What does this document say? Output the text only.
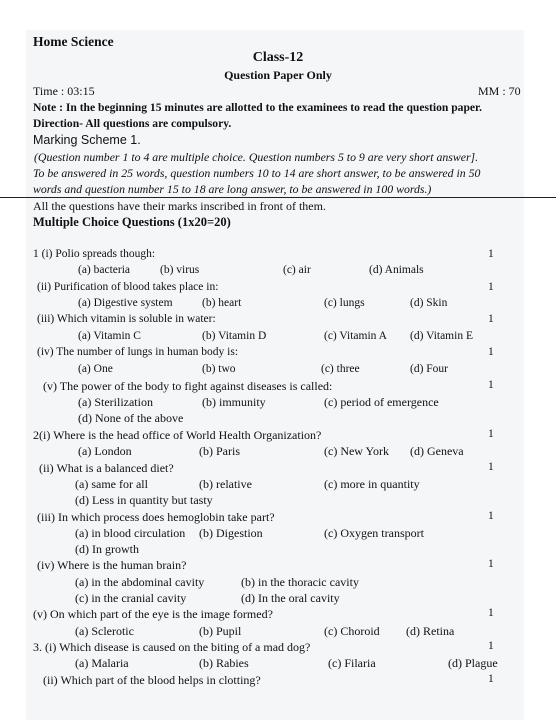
Home Science
Class-12
Question Paper Only
Time : 03:15	MM : 70
Note : In the beginning 15 minutes are allotted to the examinees to read the question paper.
Direction- All questions are compulsory.
Marking Scheme 1.
(Question number 1 to 4 are multiple choice. Question numbers 5 to 9 are very short answer].
To be answered in 25 words, question numbers 10 to 14 are short answer, to be answered in 50
words and question number 15 to 18 are long answer, to be answered in 100 words.)
All the questions have their marks inscribed in front of them.
Multiple Choice Questions (1x20=20)
1 (i) Polio spreads though:	1
(a) bacteria	(b) virus	(c) air	(d) Animals
(ii) Purification of blood takes place in:	1
(a) Digestive system	(b) heart	(c) lungs	(d) Skin
(iii) Which vitamin is soluble in water:	1
(a) Vitamin C	(b) Vitamin D	(c) Vitamin A (d) Vitamin E
(iv) The number of lungs in human body is:	1
(a) One	(b) two	(c) three	(d) Four
(v) The power of the body to fight against diseases is called:	1
(a) Sterilization	(b) immunity	(c) period of emergence
(d) None of the above
2(i) Where is the head office of World Health Organization?	1
(a) London	(b) Paris	(c) New York (d) Geneva
(ii) What is a balanced diet?	1
(a) same for all	(b) relative	(c) more in quantity
(d) Less in quantity but tasty
(iii) In which process does hemoglobin take part?	1
(a) in blood circulation (b) Digestion	(c) Oxygen transport
(d) In growth
(iv) Where is the human brain?	1
(a) in the abdominal cavity	(b) in the thoracic cavity
(c) in the cranial cavity	(d) In the oral cavity
(v) On which part of the eye is the image formed?	1
(a) Sclerotic	(b) Pupil	(c) Choroid (d) Retina
3. (i) Which disease is caused on the biting of a mad dog?	1
(a) Malaria	(b) Rabies	(c) Filaria	(d) Plague
(ii) Which part of the blood helps in clotting?	1
